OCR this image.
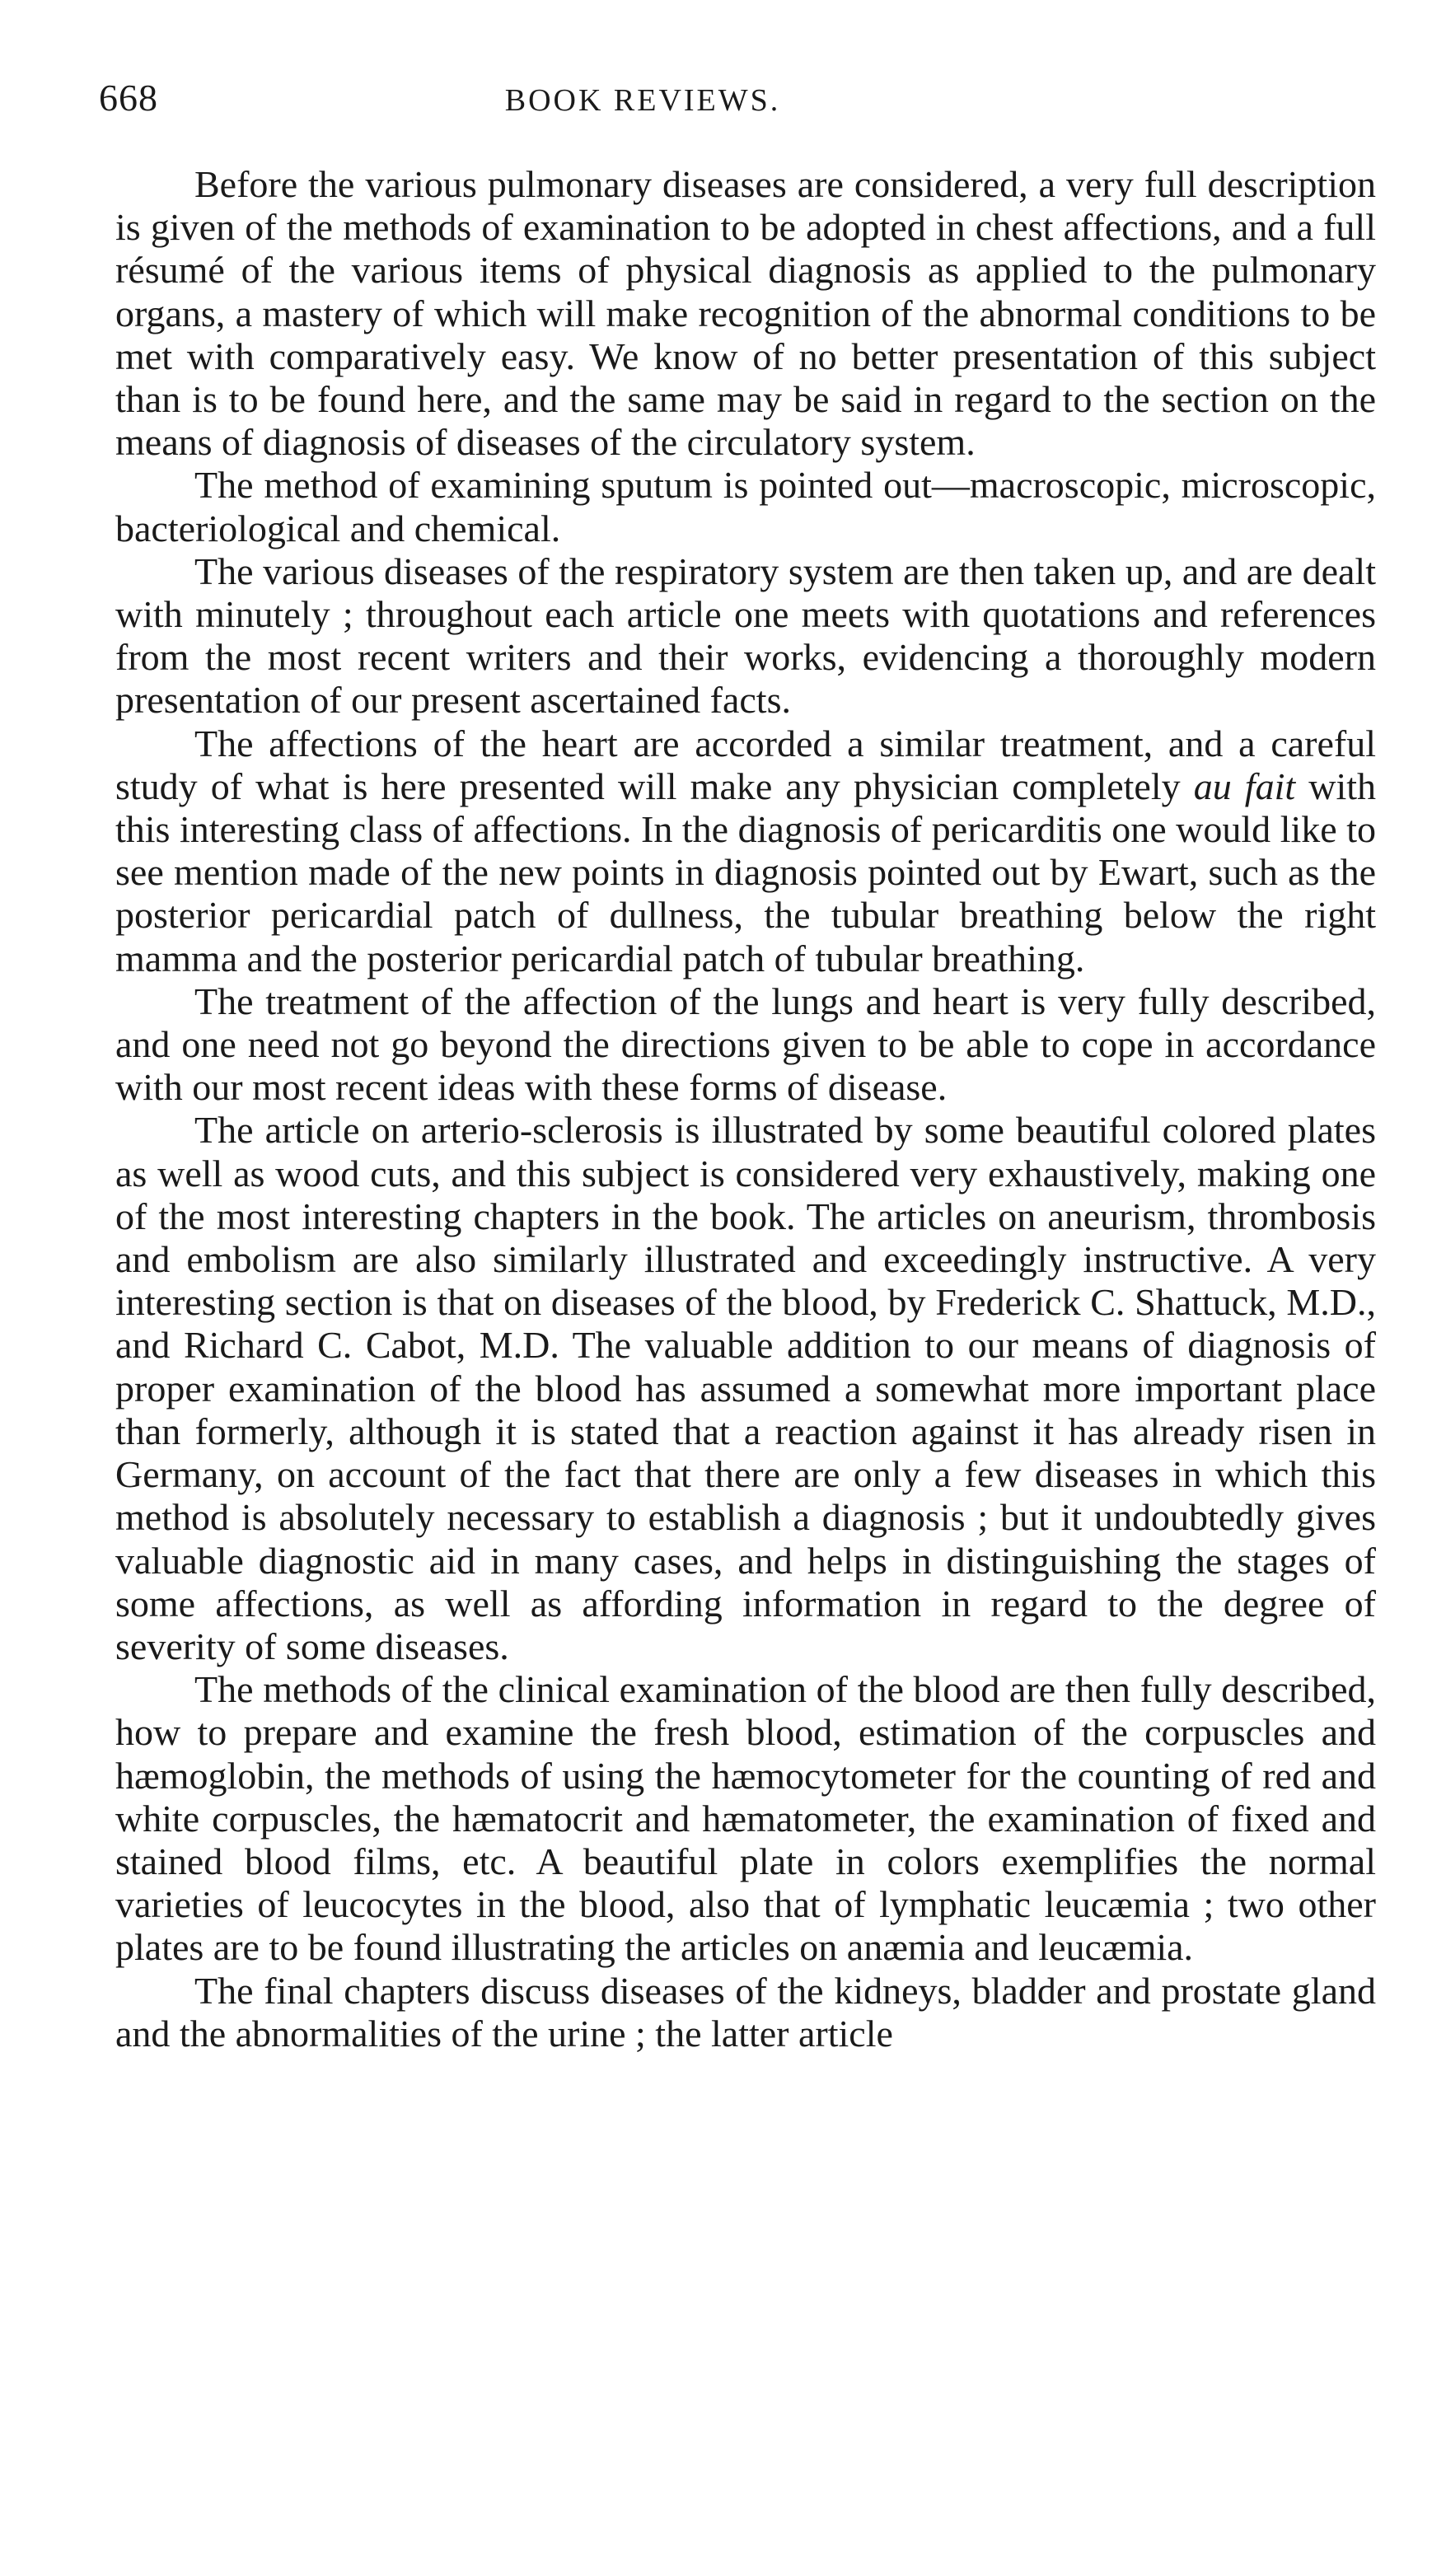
668	BOOK REVIEWS.

Before the various pulmonary diseases are considered, a very full description is given of the methods of examination to be adopted in chest affections, and a full résumé of the various items of physical diagnosis as applied to the pulmonary organs, a mastery of which will make recognition of the abnormal conditions to be met with comparatively easy. We know of no better presentation of this subject than is to be found here, and the same may be said in regard to the section on the means of diagnosis of diseases of the circulatory system.

The method of examining sputum is pointed out—macroscopic, microscopic, bacteriological and chemical.

The various diseases of the respiratory system are then taken up, and are dealt with minutely ; throughout each article one meets with quotations and references from the most recent writers and their works, evidencing a thoroughly modern presentation of our present ascertained facts.

The affections of the heart are accorded a similar treatment, and a careful study of what is here presented will make any physician completely au fait with this interesting class of affections. In the diagnosis of pericarditis one would like to see mention made of the new points in diagnosis pointed out by Ewart, such as the posterior pericardial patch of dullness, the tubular breathing below the right mamma and the posterior pericardial patch of tubular breathing.

The treatment of the affection of the lungs and heart is very fully described, and one need not go beyond the directions given to be able to cope in accordance with our most recent ideas with these forms of disease.

The article on arterio-sclerosis is illustrated by some beautiful colored plates as well as wood cuts, and this subject is considered very exhaustively, making one of the most interesting chapters in the book. The articles on aneurism, thrombosis and embolism are also similarly illustrated and exceedingly instructive. A very interesting section is that on diseases of the blood, by Frederick C. Shattuck, M.D., and Richard C. Cabot, M.D. The valuable addition to our means of diagnosis of proper examination of the blood has assumed a somewhat more important place than formerly, although it is stated that a reaction against it has already risen in Germany, on account of the fact that there are only a few diseases in which this method is absolutely necessary to establish a diagnosis ; but it undoubtedly gives valuable diagnostic aid in many cases, and helps in distinguishing the stages of some affections, as well as affording information in regard to the degree of severity of some diseases.

The methods of the clinical examination of the blood are then fully described, how to prepare and examine the fresh blood, estimation of the corpuscles and hæmoglobin, the methods of using the hæmocytometer for the counting of red and white corpuscles, the hæmatocrit and hæmatometer, the examination of fixed and stained blood films, etc. A beautiful plate in colors exemplifies the normal varieties of leucocytes in the blood, also that of lymphatic leucæmia ; two other plates are to be found illustrating the articles on anæmia and leucæmia.

The final chapters discuss diseases of the kidneys, bladder and prostate gland and the abnormalities of the urine ; the latter article
